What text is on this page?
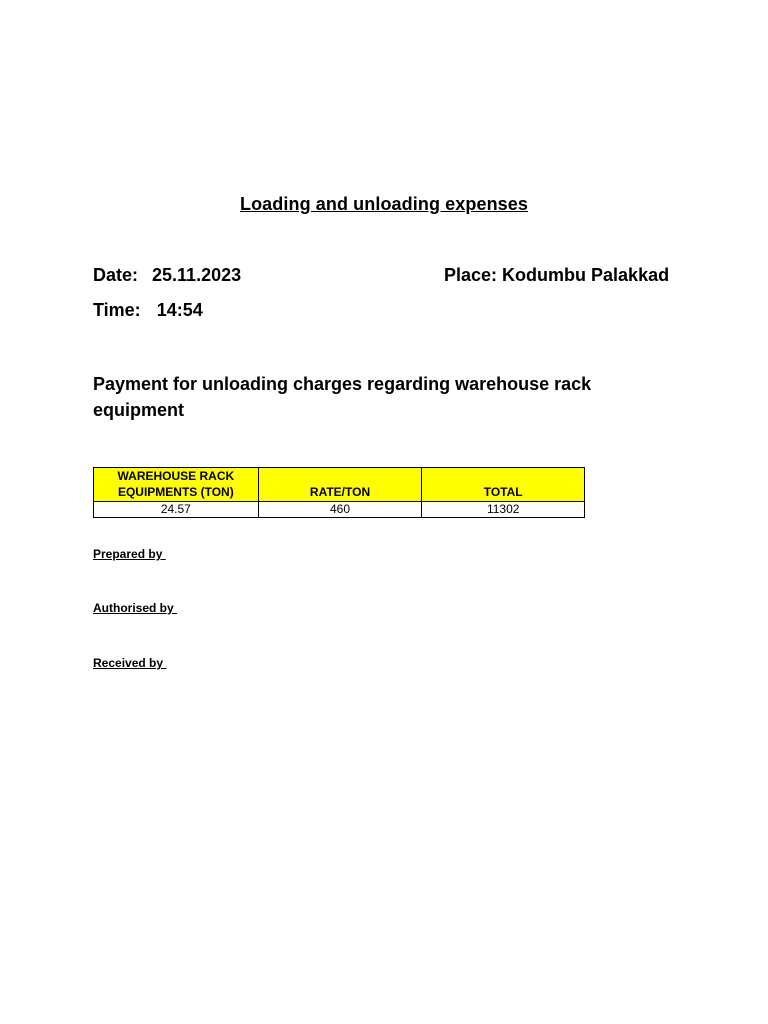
Loading and unloading expenses
Date: 25.11.2023	Place: Kodumbu Palakkad
Time: 14:54
Payment for unloading charges regarding warehouse rack equipment
WAREHOUSE RACK EQUIPMENTS (TON)	RATE/TON	TOTAL
24.57	460	11302
Prepared by
Authorised by
Received by
